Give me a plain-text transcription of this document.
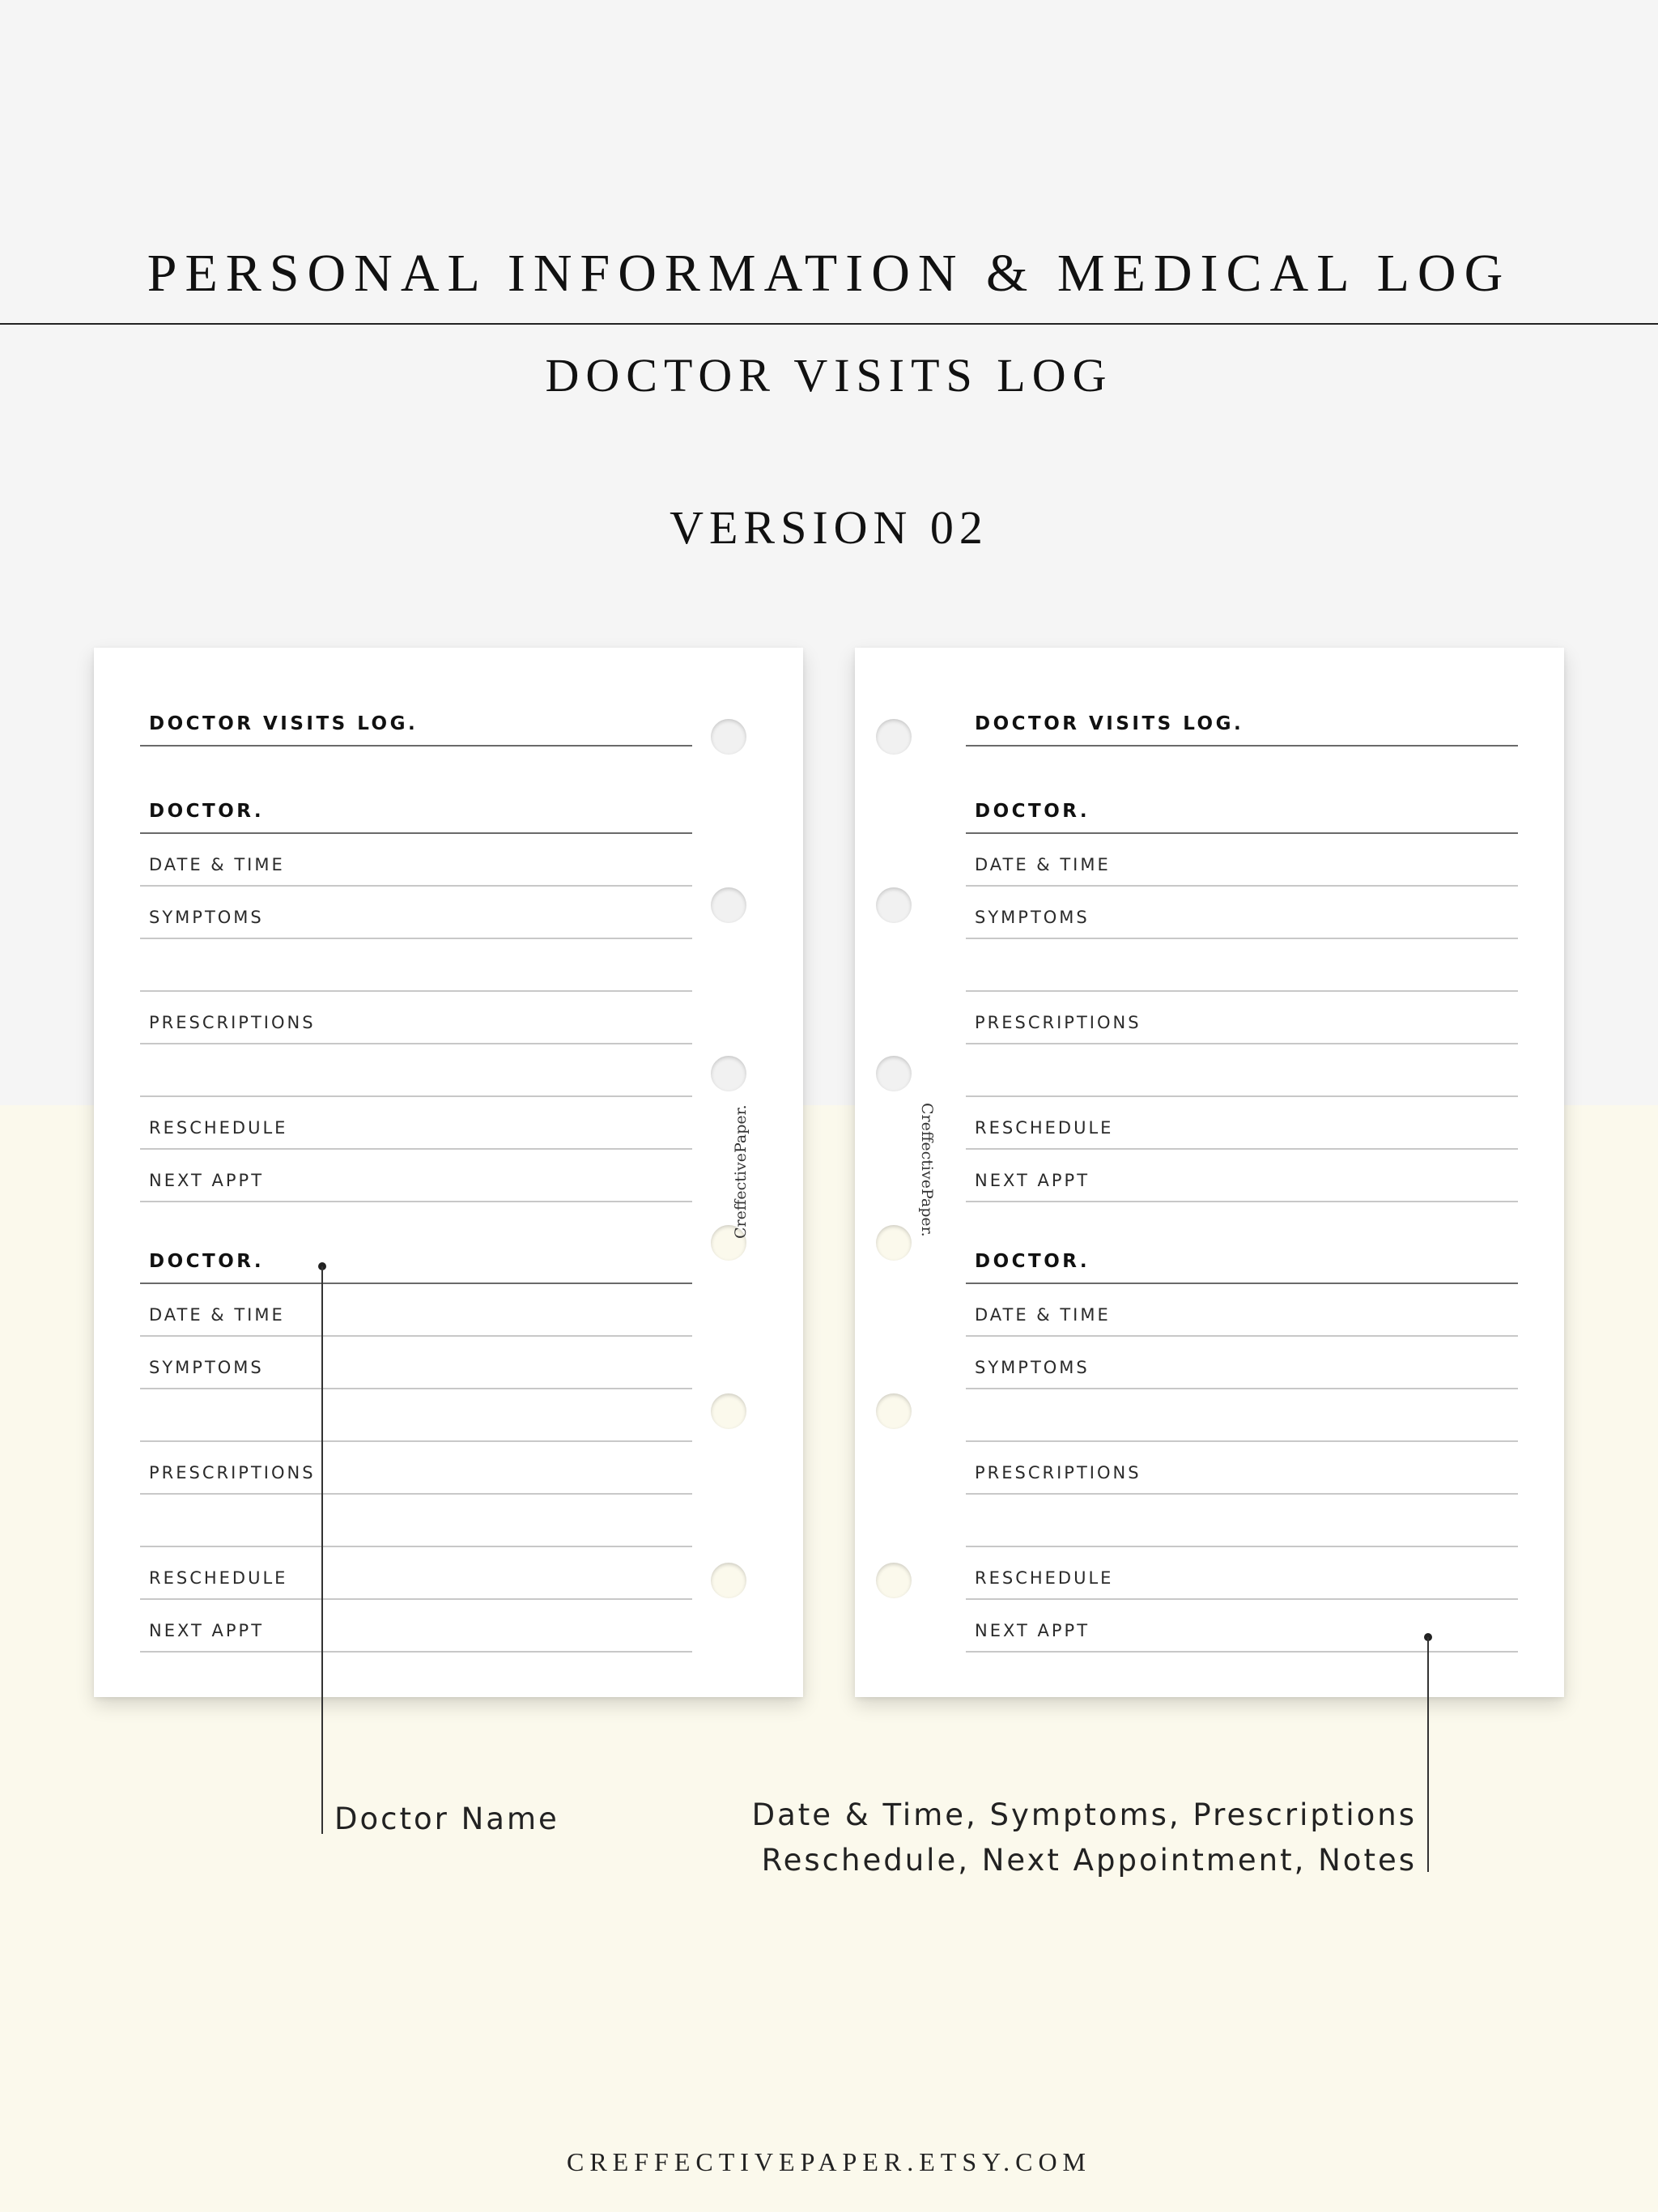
PERSONAL INFORMATION & MEDICAL LOG
DOCTOR VISITS LOG
VERSION 02
DOCTOR VISITS LOG.
DOCTOR.
DATE & TIME
SYMPTOMS
PRESCRIPTIONS
RESCHEDULE
NEXT APPT
DOCTOR.
DATE & TIME
SYMPTOMS
PRESCRIPTIONS
RESCHEDULE
NEXT APPT
CreffectivePaper.
DOCTOR VISITS LOG.
DOCTOR.
DATE & TIME
SYMPTOMS
PRESCRIPTIONS
RESCHEDULE
NEXT APPT
DOCTOR.
DATE & TIME
SYMPTOMS
PRESCRIPTIONS
RESCHEDULE
NEXT APPT
CreffectivePaper.
Doctor Name	Date & Time, Symptoms, Prescriptions
Reschedule, Next Appointment, Notes
CREFFECTIVEPAPER.ETSY.COM
